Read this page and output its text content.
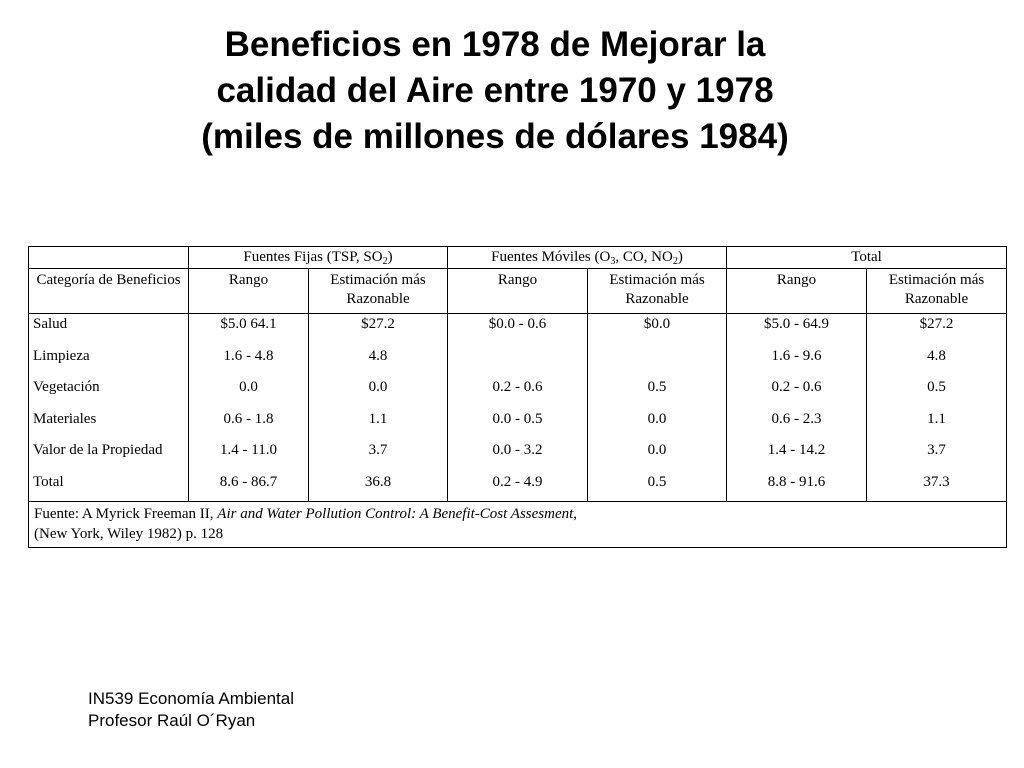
Beneficios en 1978 de Mejorar la
calidad del Aire entre 1970 y 1978
(miles de millones de dólares 1984)
	Fuentes Fijas (TSP, $SO_2$)		Fuentes Móviles ($O_3$, CO, $NO_2$)		Total	
Categoría de Beneficios	Rango	Estimación más Razonable	Rango	Estimación más Razonable	Rango	Estimación más Razonable
Salud	$5.0 64.1	$27.2	$0.0 - 0.6	$0.0	$5.0 - 64.9	$27.2
Limpieza	1.6 - 4.8	4.8			1.6 - 9.6	4.8
Vegetación	0.0	0.0	0.2 - 0.6	0.5	0.2 - 0.6	0.5
Materiales	0.6 - 1.8	1.1	0.0 - 0.5	0.0	0.6 - 2.3	1.1
Valor de la Propiedad	1.4 - 11.0	3.7	0.0 - 3.2	0.0	1.4 - 14.2	3.7
Total	8.6 - 86.7	36.8	0.2 - 4.9	0.5	8.8 - 91.6	37.3
Fuente: A Myrick Freeman II, Air and Water Pollution Control: A Benefit-Cost Assesment,
(New York, Wiley 1982) p. 128						
IN539 Economía Ambiental
Profesor Raúl O´Ryan
